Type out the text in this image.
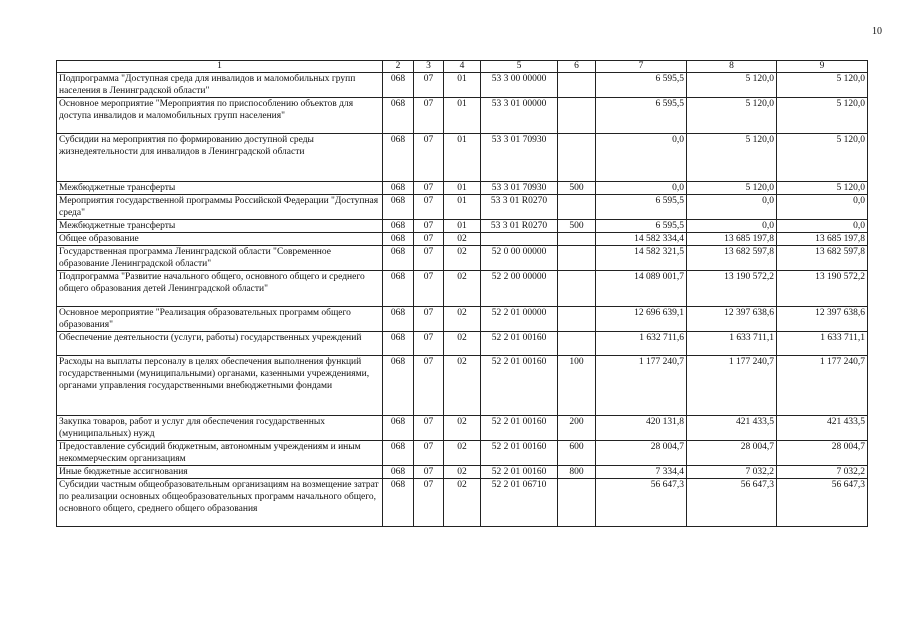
10
1	2	3	4	5	6	7	8	9
Подпрограмма "Доступная среда для инвалидов и маломобильных групп населения в Ленинградской области"	068	07	01	53 3 00 00000		6 595,5	5 120,0	5 120,0
Основное мероприятие "Мероприятия по приспособлению объектов для доступа инвалидов и маломобильных групп населения"	068	07	01	53 3 01 00000		6 595,5	5 120,0	5 120,0
Субсидии на мероприятия по формированию доступной среды жизнедеятельности для инвалидов в Ленинградской области	068	07	01	53 3 01 70930		0,0	5 120,0	5 120,0
Межбюджетные трансферты	068	07	01	53 3 01 70930	500	0,0	5 120,0	5 120,0
Мероприятия государственной программы Российской Федерации "Доступная среда"	068	07	01	53 3 01 R0270		6 595,5	0,0	0,0
Межбюджетные трансферты	068	07	01	53 3 01 R0270	500	6 595,5	0,0	0,0
Общее образование	068	07	02			14 582 334,4	13 685 197,8	13 685 197,8
Государственная программа Ленинградской области "Современное образование Ленинградской области"	068	07	02	52 0 00 00000		14 582 321,5	13 682 597,8	13 682 597,8
Подпрограмма "Развитие начального общего, основного общего и среднего общего образования детей Ленинградской области"	068	07	02	52 2 00 00000		14 089 001,7	13 190 572,2	13 190 572,2
Основное мероприятие "Реализация образовательных программ общего образования"	068	07	02	52 2 01 00000		12 696 639,1	12 397 638,6	12 397 638,6
Обеспечение деятельности (услуги, работы) государственных учреждений	068	07	02	52 2 01 00160		1 632 711,6	1 633 711,1	1 633 711,1
Расходы на выплаты персоналу в целях обеспечения выполнения функций государственными (муниципальными) органами, казенными учреждениями, органами управления государственными внебюджетными фондами	068	07	02	52 2 01 00160	100	1 177 240,7	1 177 240,7	1 177 240,7
Закупка товаров, работ и услуг для обеспечения государственных (муниципальных) нужд	068	07	02	52 2 01 00160	200	420 131,8	421 433,5	421 433,5
Предоставление субсидий бюджетным, автономным учреждениям и иным некоммерческим организациям	068	07	02	52 2 01 00160	600	28 004,7	28 004,7	28 004,7
Иные бюджетные ассигнования	068	07	02	52 2 01 00160	800	7 334,4	7 032,2	7 032,2
Субсидии частным общеобразовательным организациям на возмещение затрат по реализации основных общеобразовательных программ начального общего, основного общего, среднего общего образования	068	07	02	52 2 01 06710		56 647,3	56 647,3	56 647,3
